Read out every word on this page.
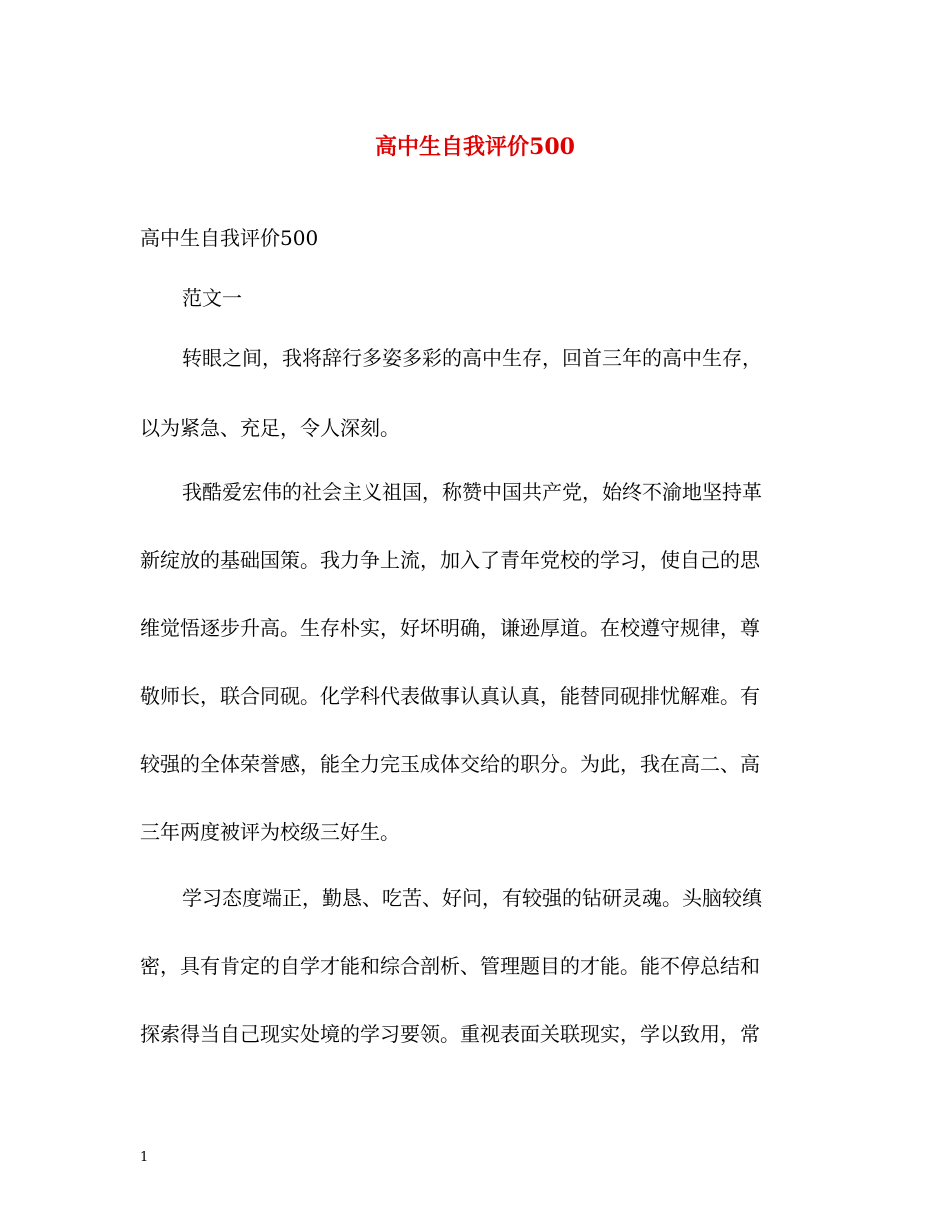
高中生自我评价500
高中生自我评价500
范文一
转眼之间，我将辞行多姿多彩的高中生存，回首三年的高中生存，
以为紧急、充足，令人深刻。
我酷爱宏伟的社会主义祖国，称赞中国共产党，始终不渝地坚持革
新绽放的基础国策。我力争上流，加入了青年党校的学习，使自己的思
维觉悟逐步升高。生存朴实，好坏明确，谦逊厚道。在校遵守规律，尊
敬师长，联合同砚。化学科代表做事认真认真，能替同砚排忧解难。有
较强的全体荣誉感，能全力完玉成体交给的职分。为此，我在高二、高
三年两度被评为校级三好生。
学习态度端正，勤恳、吃苦、好问，有较强的钻研灵魂。头脑较缜
密，具有肯定的自学才能和综合剖析、管理题目的才能。能不停总结和
探索得当自己现实处境的学习要领。重视表面关联现实，学以致用，常
1
